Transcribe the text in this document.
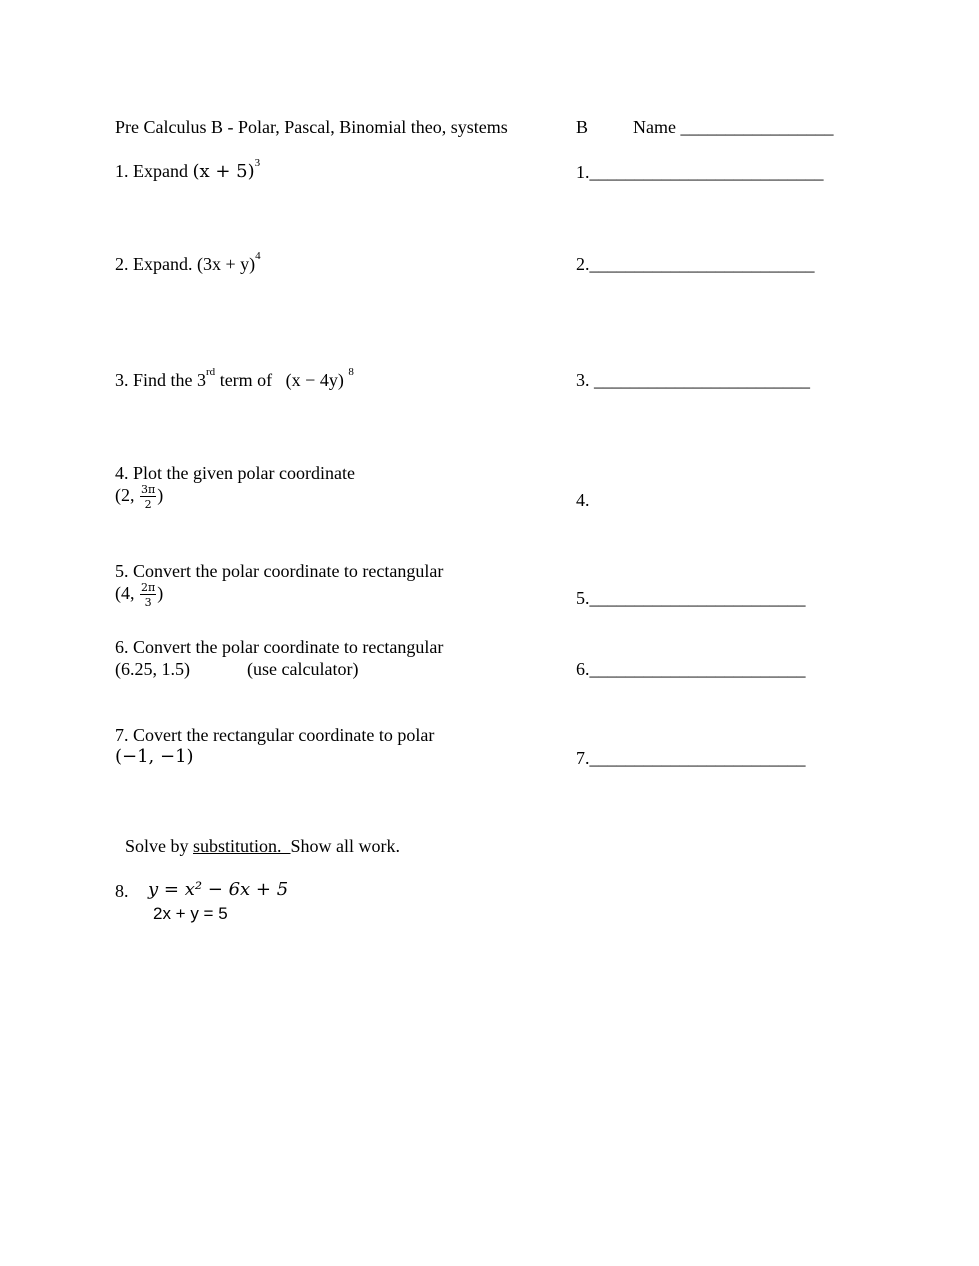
Pre Calculus B - Polar, Pascal, Binomial theo, systems	B Name _________________
1. Expand $(x + 5)^3$	1.__________________________
2. Expand. $(3x + y)^4$	2._________________________
3. Find the 3rd term of   (x − 4y) $^8$	3. ________________________
4. Plot the given polar coordinate
(2, $\frac{3\pi}{2}$ )	4.
5. Convert the polar coordinate to rectangular
(4, $\frac{2\pi}{3}$ )	5.________________________
6. Convert the polar coordinate to rectangular
(6.25, 1.5)	(use calculator)	6.________________________
7. Covert the rectangular coordinate to polar
(−1, −1)	7.________________________
Solve by substitution.  Show all work.
8. y = x² − 6x + 5
2x + y = 5
